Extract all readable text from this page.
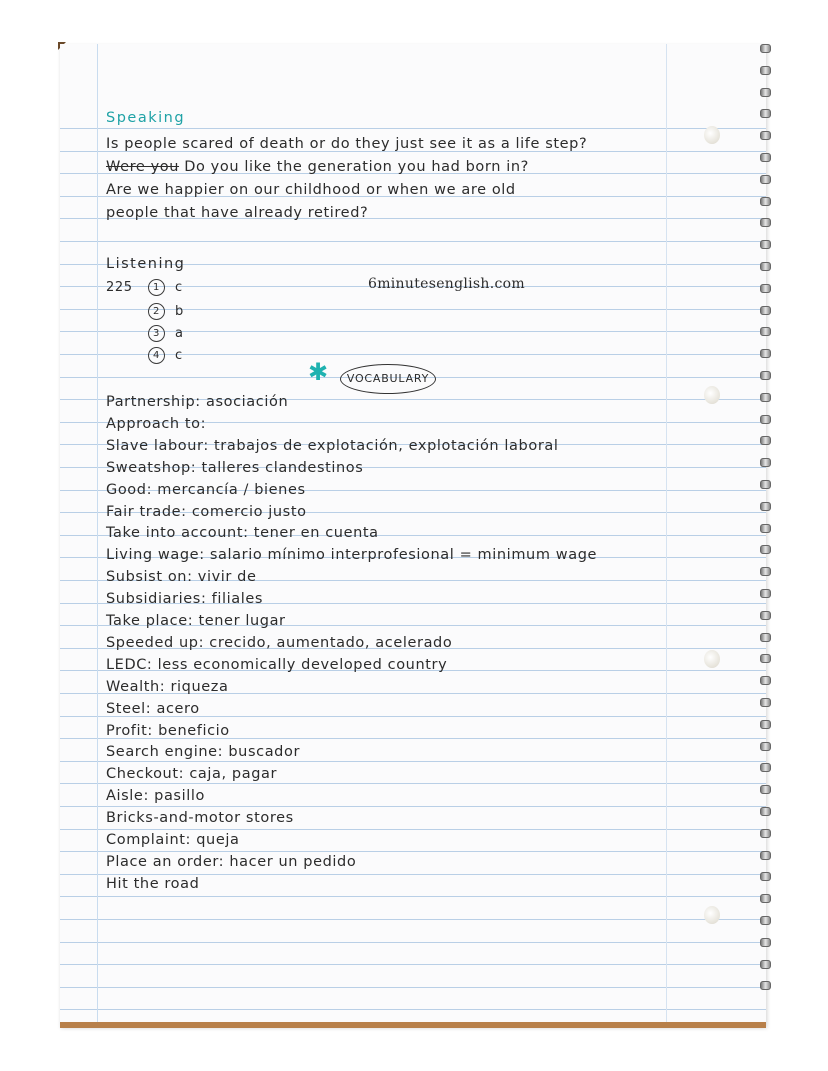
Speaking
Is people scared of death or do they just see it as a life step?
Were you Do you like the generation you had born in?
Are we happier on our childhood or when we are old
people that have already retired?
Listening
225	6minutesenglish.com
1 c
2 b
3 a
4 c
✱	VOCABULARY
Partnership: asociación
Approach to:
Slave labour: trabajos de explotación, explotación laboral
Sweatshop: talleres clandestinos
Good: mercancía / bienes
Fair trade: comercio justo
Take into account: tener en cuenta
Living wage: salario mínimo interprofesional = minimum wage
Subsist on: vivir de
Subsidiaries: filiales
Take place: tener lugar
Speeded up: crecido, aumentado, acelerado
LEDC: less economically developed country
Wealth: riqueza
Steel: acero
Profit: beneficio
Search engine: buscador
Checkout: caja, pagar
Aisle: pasillo
Bricks-and-motor stores
Complaint: queja
Place an order: hacer un pedido
Hit the road
